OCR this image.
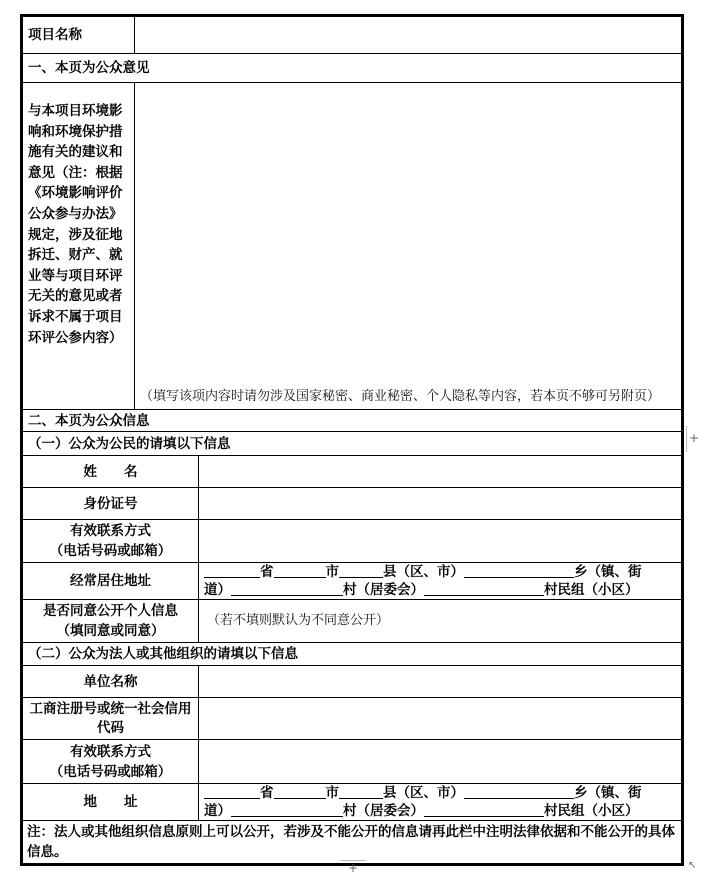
项目名称		
一、本页为公众意见		
与本项目环境影响和环境保护措施有关的建议和意见（注：根据《环境影响评价公众参与办法》规定，涉及征地拆迁、财产、就业等与项目环评无关的意见或者诉求不属于项目环评公参内容）	（填写该项内容时请勿涉及国家秘密、商业秘密、个人隐私等内容，若本页不够可另附页）	

二、本页为公众信息		
（一）公众为公民的请填以下信息		
姓　　名		
身份证号		

有效联系方式
（电话号码或邮箱）		

经常居住地址		省 市 县（区、市） 乡（镇、街
道） 村（居委会） 村民组（小区）

是否同意公开个人信息
（填同意或同意）		（若不填则默认为不同意公开）
（二）公众为法人或其他组织的请填以下信息		
单位名称		
工商注册号或统一社会信用代码		

有效联系方式
（电话号码或邮箱）		

地　　址		省 市 县（区、市） 乡（镇、街
道） 村（居委会） 村民组（小区）

注：法人或其他组织信息原则上可以公开，若涉及不能公开的信息请再此栏中注明法律依据和不能公开的具体信息。		
+
+	↖
